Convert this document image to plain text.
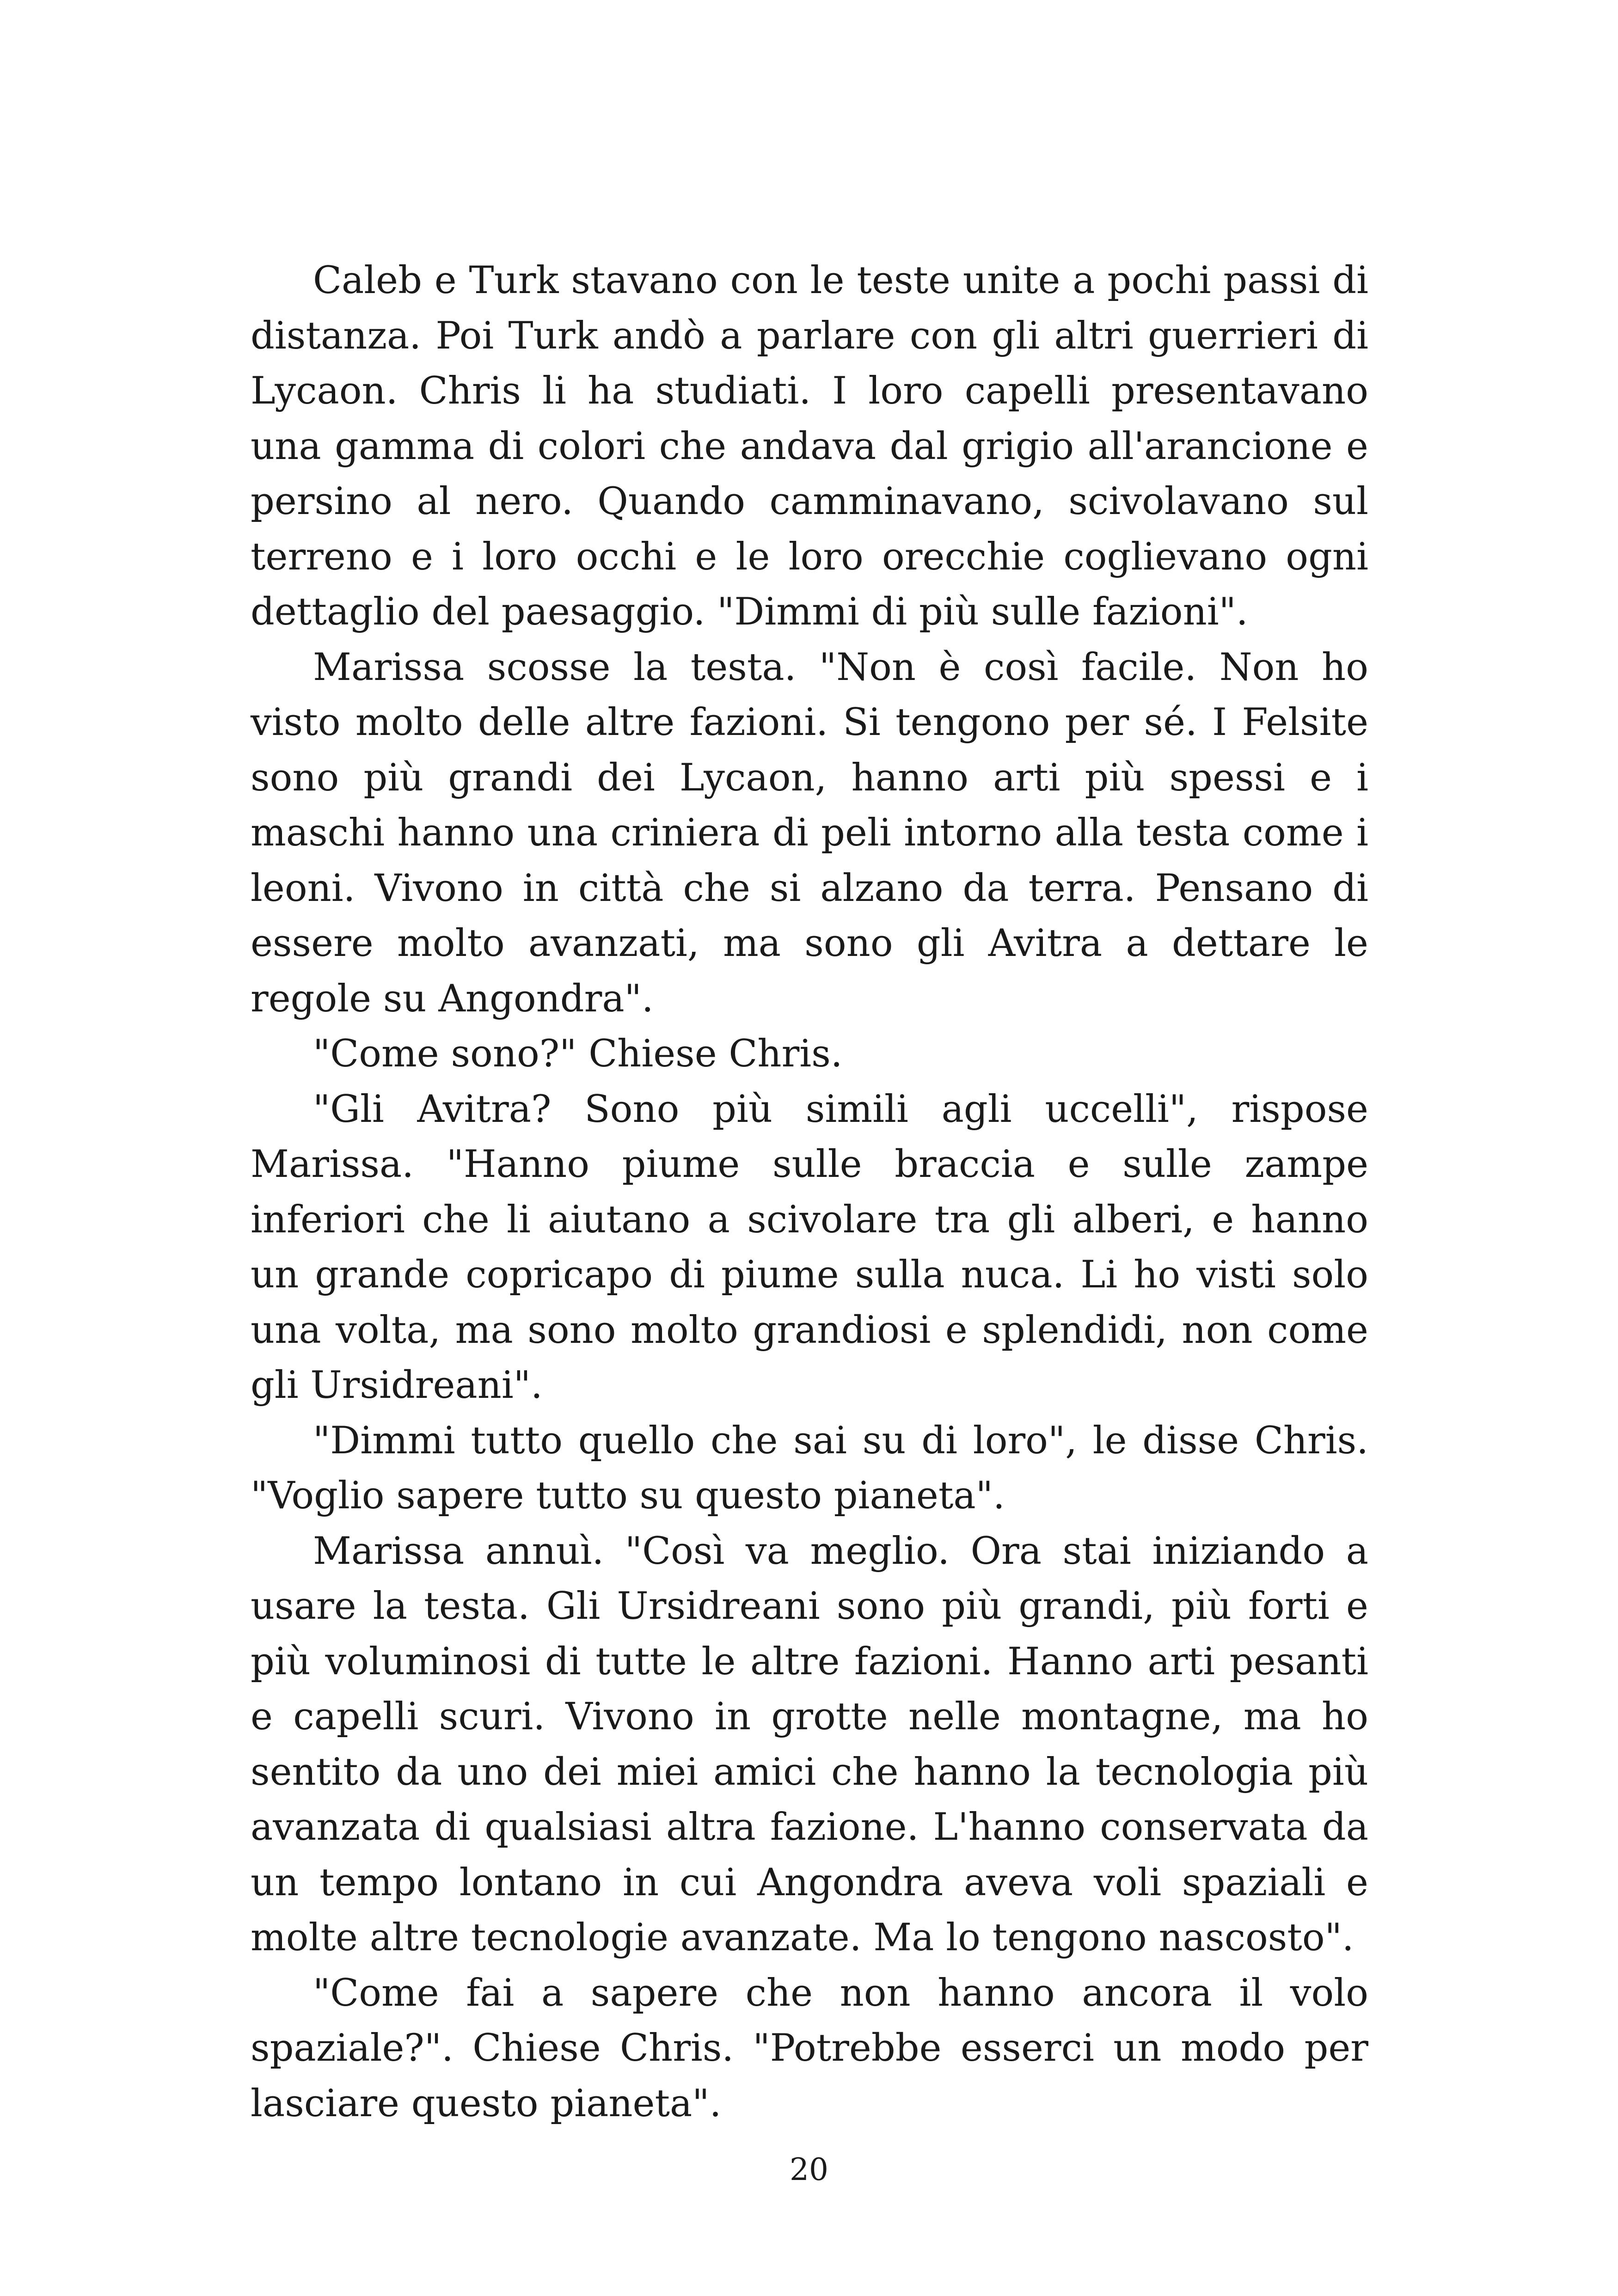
Caleb e Turk stavano con le teste unite a pochi passi di distanza. Poi Turk andò a parlare con gli altri guerrieri di Lycaon. Chris li ha studiati. I loro capelli presentavano una gamma di colori che andava dal grigio all'arancione e persino al nero. Quando camminavano, scivolavano sul terreno e i loro occhi e le loro orecchie coglievano ogni dettaglio del paesaggio. "Dimmi di più sulle fazioni".

Marissa scosse la testa. "Non è così facile. Non ho visto molto delle altre fazioni. Si tengono per sé. I Felsite sono più grandi dei Lycaon, hanno arti più spessi e i maschi hanno una criniera di peli intorno alla testa come i leoni. Vivono in città che si alzano da terra. Pensano di essere molto avanzati, ma sono gli Avitra a dettare le regole su Angondra".

"Come sono?" Chiese Chris.

"Gli Avitra? Sono più simili agli uccelli", rispose Marissa. "Hanno piume sulle braccia e sulle zampe inferiori che li aiutano a scivolare tra gli alberi, e hanno un grande copricapo di piume sulla nuca. Li ho visti solo una volta, ma sono molto grandiosi e splendidi, non come gli Ursidreani".

"Dimmi tutto quello che sai su di loro", le disse Chris. "Voglio sapere tutto su questo pianeta".

Marissa annuì. "Così va meglio. Ora stai iniziando a usare la testa. Gli Ursidreani sono più grandi, più forti e più voluminosi di tutte le altre fazioni. Hanno arti pesanti e capelli scuri. Vivono in grotte nelle montagne, ma ho sentito da uno dei miei amici che hanno la tecnologia più avanzata di qualsiasi altra fazione. L'hanno conservata da un tempo lontano in cui Angondra aveva voli spaziali e molte altre tecnologie avanzate. Ma lo tengono nascosto".

"Come fai a sapere che non hanno ancora il volo spaziale?". Chiese Chris. "Potrebbe esserci un modo per lasciare questo pianeta".

20
